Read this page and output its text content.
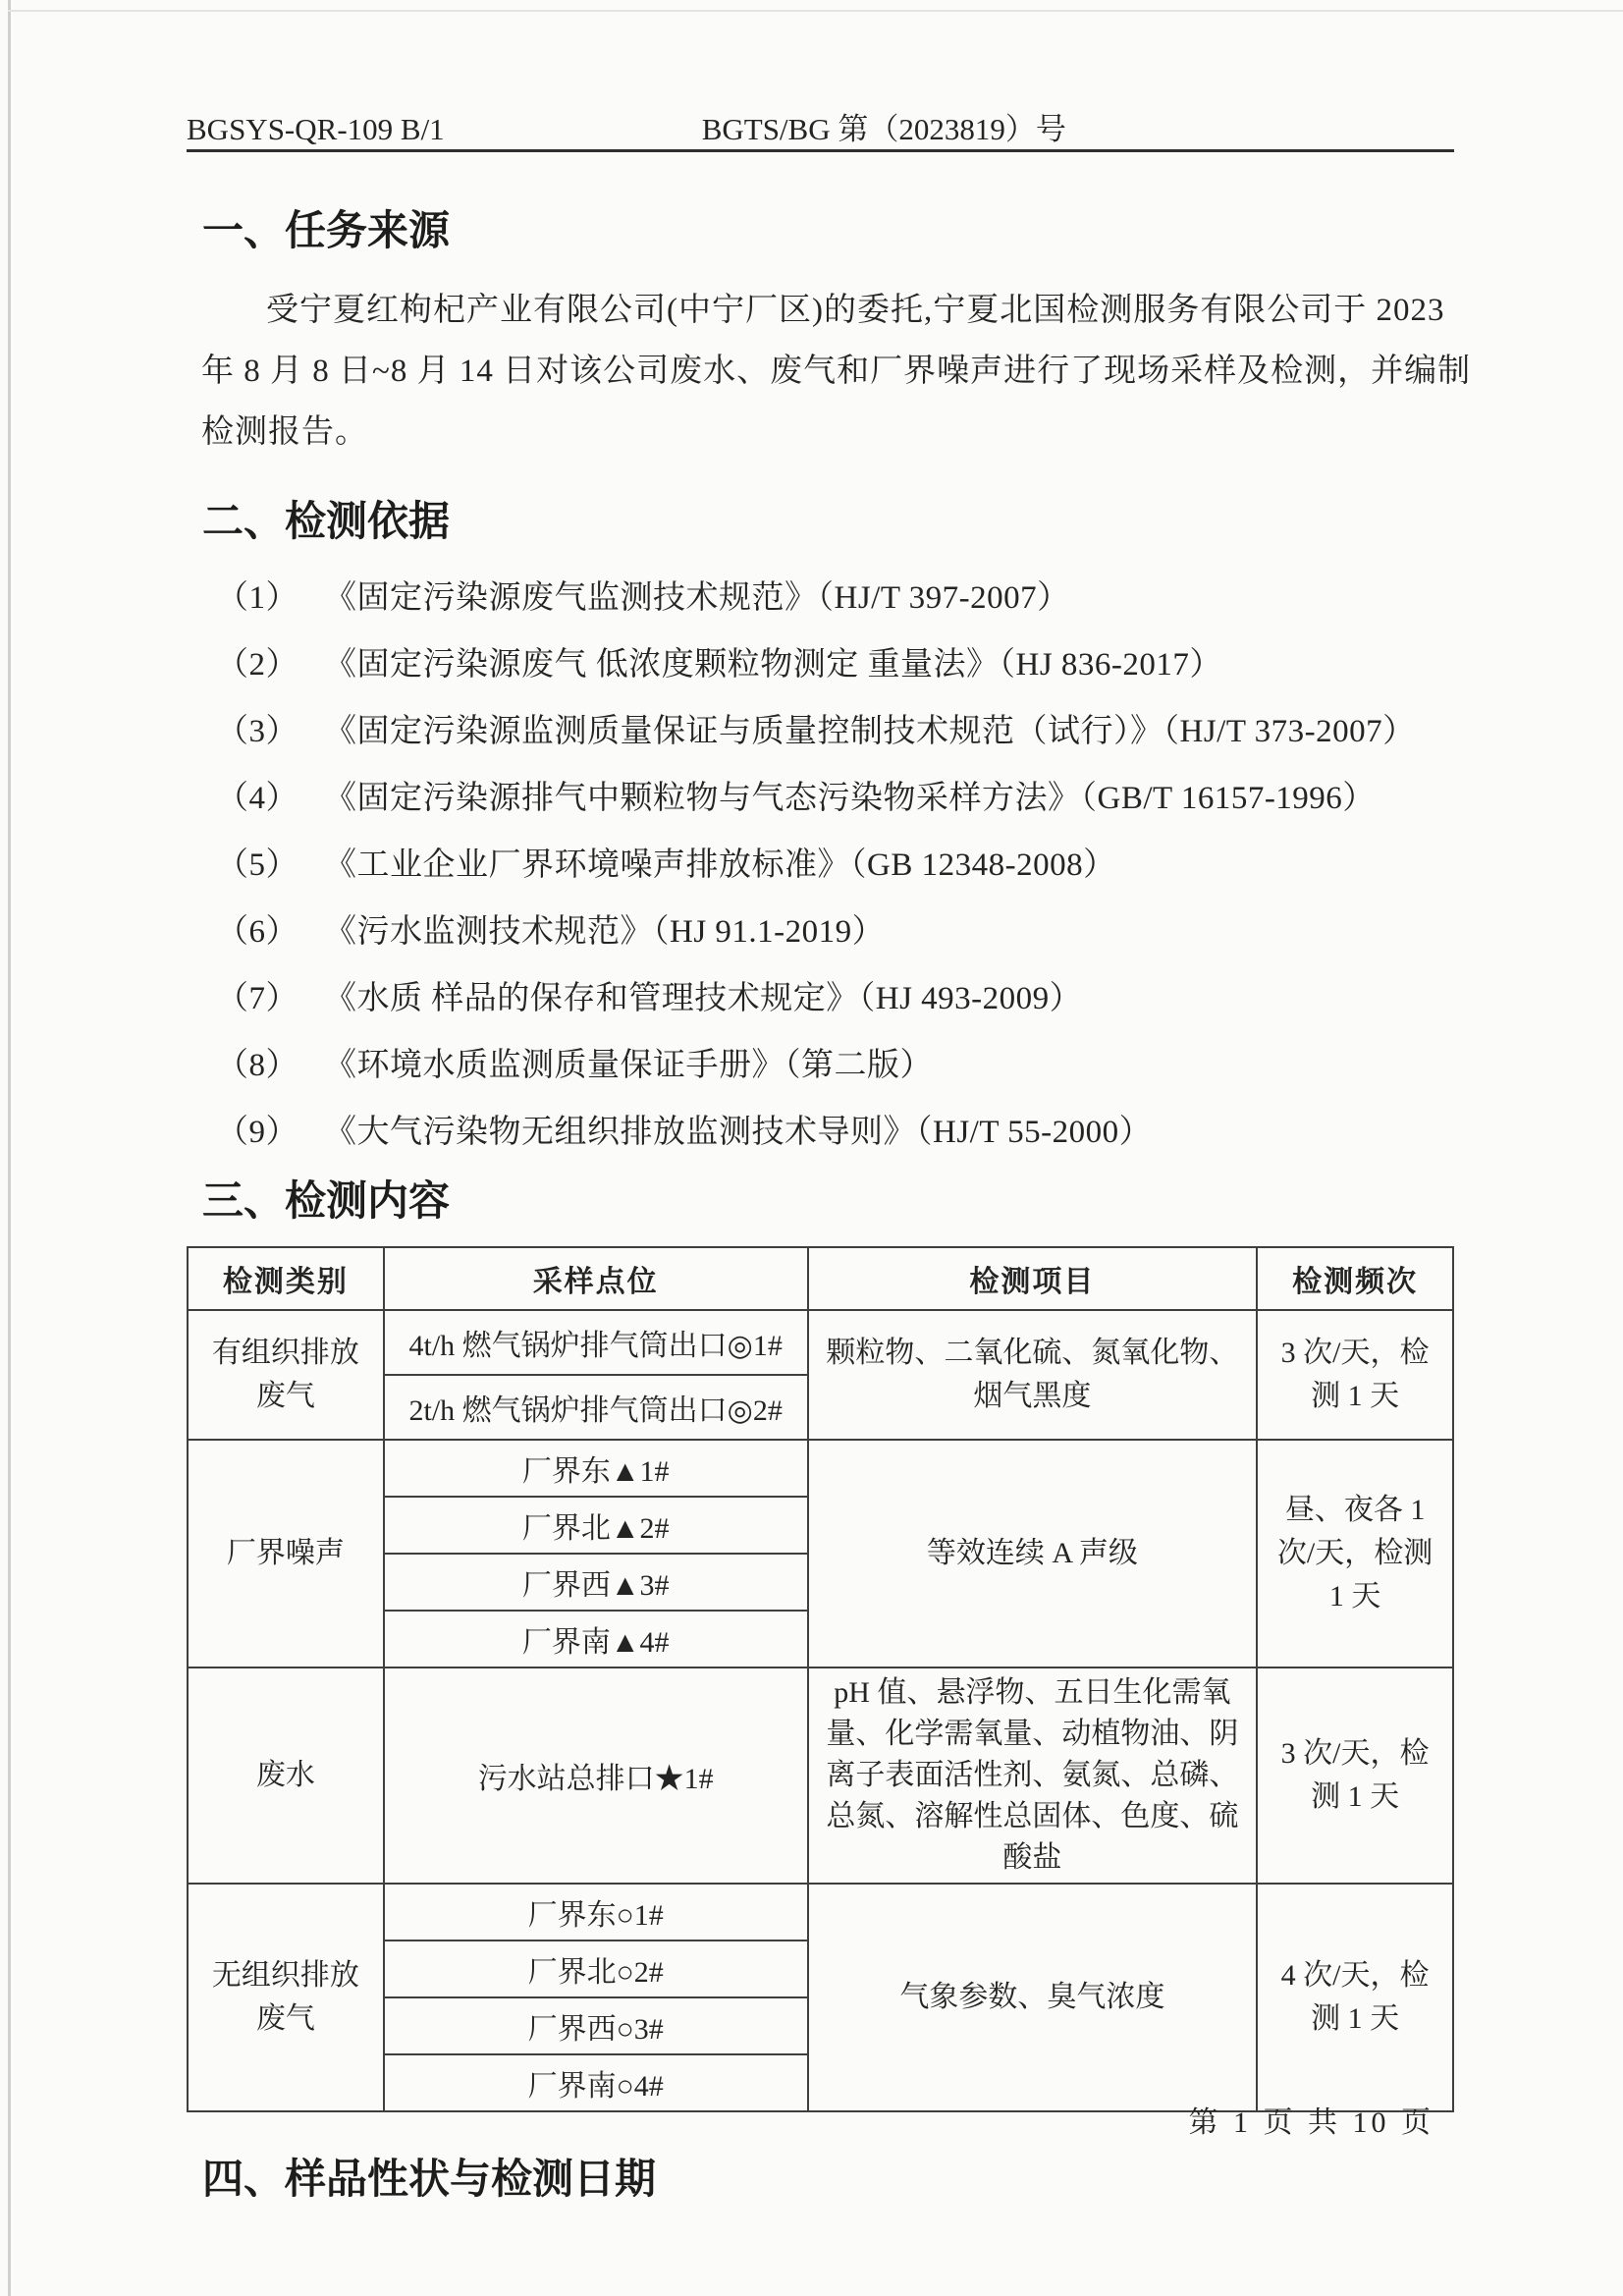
BGSYS-QR-109 B/1	BGTS/BG 第（2023819）号
一、任务来源
受宁夏红枸杞产业有限公司(中宁厂区)的委托,宁夏北国检测服务有限公司于 2023
年 8 月 8 日~8 月 14 日对该公司废水、废气和厂界噪声进行了现场采样及检测，并编制
检测报告。
二、检测依据
（1） 《固定污染源废气监测技术规范》（HJ/T 397-2007）
（2） 《固定污染源废气 低浓度颗粒物测定 重量法》（HJ 836-2017）
（3） 《固定污染源监测质量保证与质量控制技术规范（试行）》（HJ/T 373-2007）
（4） 《固定污染源排气中颗粒物与气态污染物采样方法》（GB/T 16157-1996）
（5） 《工业企业厂界环境噪声排放标准》（GB 12348-2008）
（6） 《污水监测技术规范》（HJ 91.1-2019）
（7） 《水质 样品的保存和管理技术规定》（HJ 493-2009）
（8） 《环境水质监测质量保证手册》（第二版）
（9） 《大气污染物无组织排放监测技术导则》（HJ/T 55-2000）
三、检测内容
检测类别	采样点位	检测项目	检测频次
有组织排放废气	4t/h 燃气锅炉排气筒出口◎1#	颗粒物、二氧化硫、氮氧化物、烟气黑度	3 次/天，检测 1 天
	2t/h 燃气锅炉排气筒出口◎2#		
厂界噪声	厂界东▲1#	等效连续 A 声级	昼、夜各 1 次/天，检测 1 天
	厂界北▲2#		
	厂界西▲3#		
	厂界南▲4#		
废水	污水站总排口★1#	pH 值、悬浮物、五日生化需氧量、化学需氧量、动植物油、阴离子表面活性剂、氨氮、总磷、总氮、溶解性总固体、色度、硫酸盐	3 次/天，检测 1 天
无组织排放废气	厂界东○1#	气象参数、臭气浓度	4 次/天，检测 1 天
	厂界北○2#		
	厂界西○3#		
	厂界南○4#		
四、样品性状与检测日期
第 1 页 共 10 页
